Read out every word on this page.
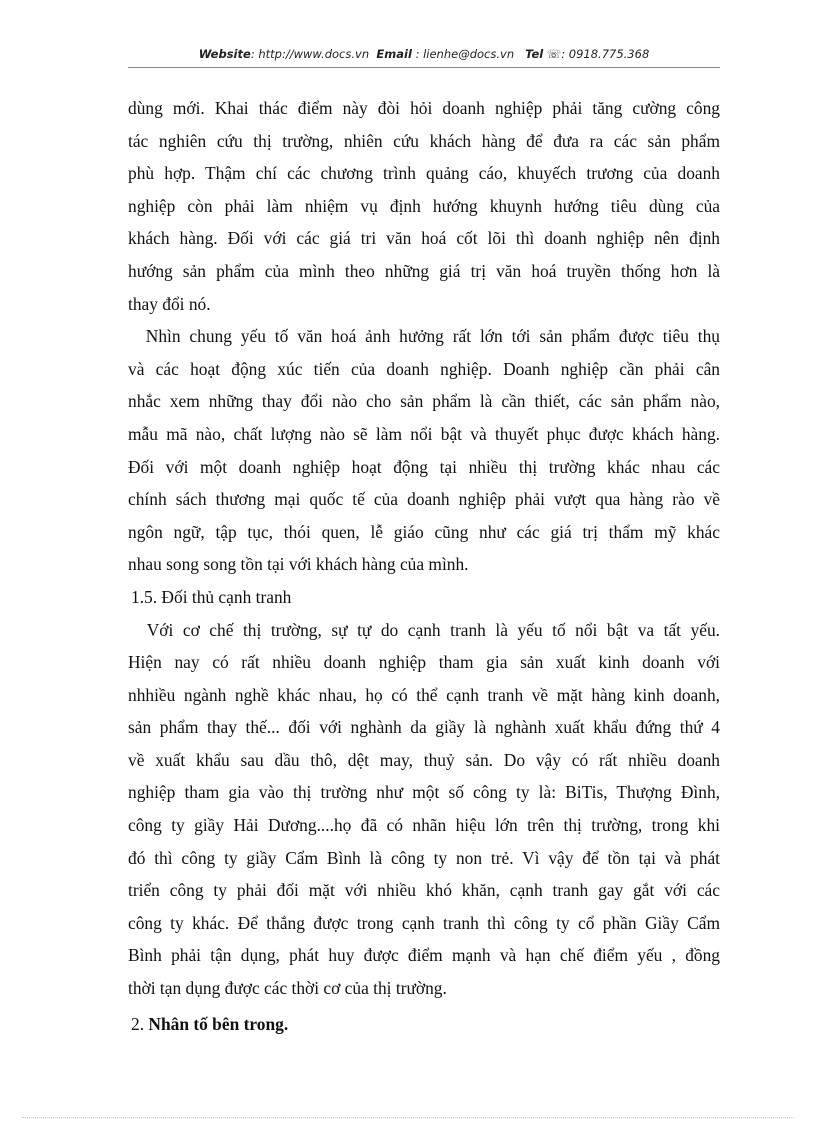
Website: http://www.docs.vn Email : lienhe@docs.vn Tel ☏: 0918.775.368
dùng mới. Khai thác điểm này đòi hỏi doanh nghiệp phải tăng cường công
tác nghiên cứu thị trường, nhiên cứu khách hàng để đưa ra các sản phẩm
phù hợp. Thậm chí các chương trình quảng cáo, khuyếch trương của doanh
nghiệp còn phải làm nhiệm vụ định hướng khuynh hướng tiêu dùng của
khách hàng. Đối với các giá tri văn hoá cốt lõi thì doanh nghiệp nên định
hướng sản phẩm của mình theo những giá trị văn hoá truyền thống hơn là
thay đổi nó.
Nhìn chung yếu tố văn hoá ảnh hưởng rất lớn tới sản phẩm được tiêu thụ
và các hoạt động xúc tiến của doanh nghiệp. Doanh nghiệp cần phải cân
nhắc xem những thay đổi nào cho sản phẩm là cần thiết, các sản phẩm nào,
mẫu mã nào, chất lượng nào sẽ làm nổi bật và thuyết phục được khách hàng.
Đối với một doanh nghiệp hoạt động tại nhiều thị trường khác nhau các
chính sách thương mại quốc tế của doanh nghiệp phải vượt qua hàng rào về
ngôn ngữ, tập tục, thói quen, lễ giáo cũng như các giá trị thẩm mỹ khác
nhau song song tồn tại với khách hàng của mình.
1.5. Đối thủ cạnh tranh
Với cơ chế thị trường, sự tự do cạnh tranh là yếu tố nổi bật va tất yếu.
Hiện nay có rất nhiều doanh nghiệp tham gia sản xuất kinh doanh với
nhhiều ngành nghề khác nhau, họ có thể cạnh tranh về mặt hàng kinh doanh,
sản phẩm thay thế... đối với nghành da giầy là nghành xuất khẩu đứng thứ 4
về xuất khẩu sau dầu thô, dệt may, thuỷ sản. Do vậy có rất nhiều doanh
nghiệp tham gia vào thị trường như một số công ty là: BiTis, Thượng Đình,
công ty giầy Hải Dương....họ đã có nhãn hiệu lớn trên thị trường, trong khi
đó thì công ty giầy Cẩm Bình là công ty non trẻ. Vì vậy để tồn tại và phát
triển công ty phải đối mặt với nhiều khó khăn, cạnh tranh gay gắt với các
công ty khác. Để thắng được trong cạnh tranh thì công ty cổ phần Giầy Cẩm
Bình phải tận dụng, phát huy được điểm mạnh và hạn chế điểm yếu , đồng
thời tạn dụng được các thời cơ của thị trường.
2. Nhân tố bên trong.
